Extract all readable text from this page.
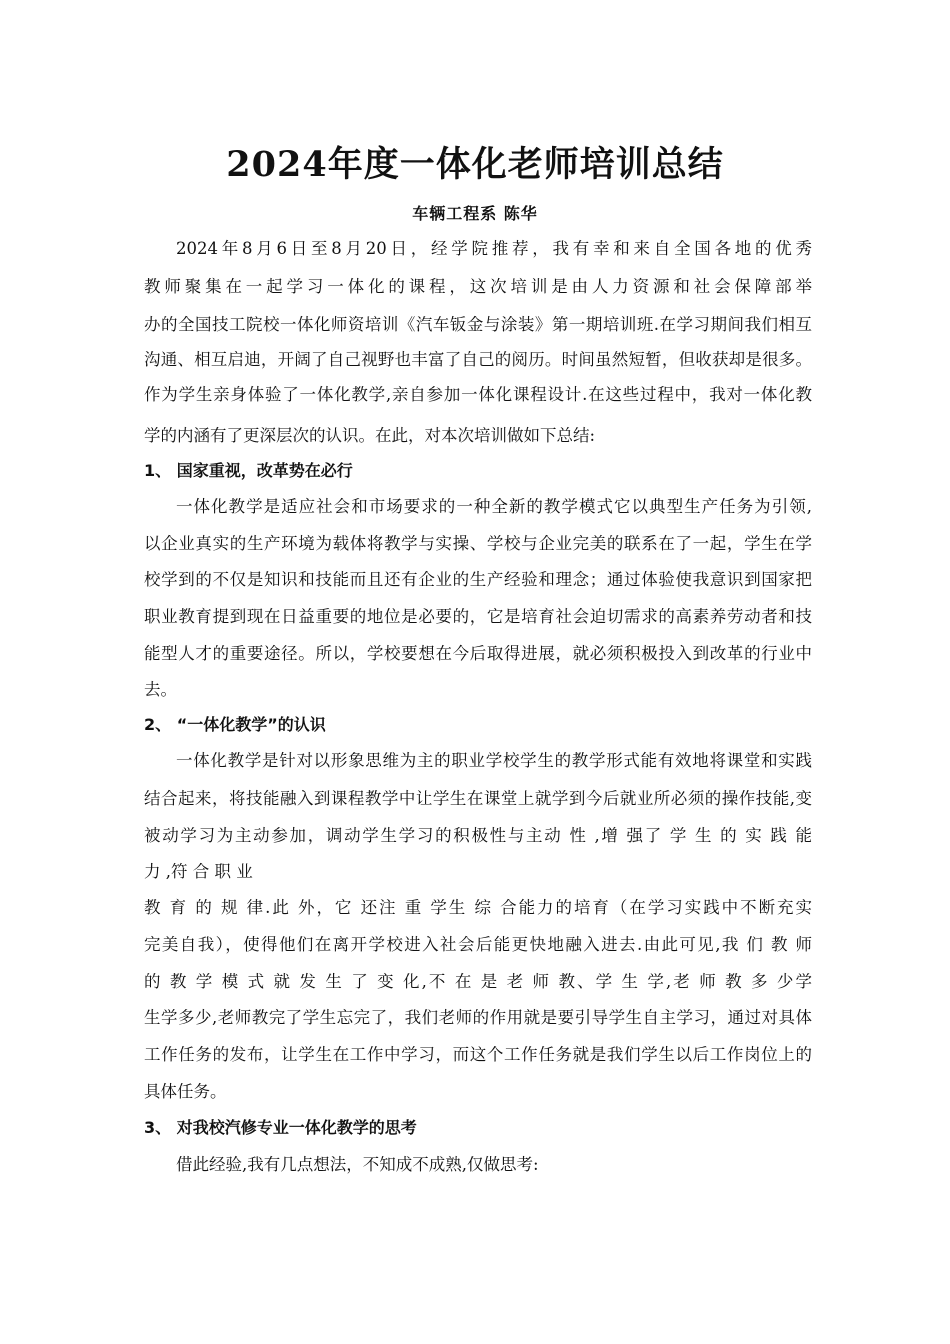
2024年度一体化老师培训总结
车辆工程系 陈华
2024年8月6日至8月20日，经学院推荐，我有幸和来自全国各地的优秀
教师聚集在一起学习一体化的课程，这次培训是由人力资源和社会保障部举
办的全国技工院校一体化师资培训《汽车钣金与涂装》第一期培训班.在学习期间我们相互
沟通、相互启迪，开阔了自己视野也丰富了自己的阅历。时间虽然短暂，但收获却是很多。
作为学生亲身体验了一体化教学,亲自参加一体化课程设计.在这些过程中，我对一体化教
学的内涵有了更深层次的认识。在此，对本次培训做如下总结:
1、 国家重视，改革势在必行
一体化教学是适应社会和市场要求的一种全新的教学模式它以典型生产任务为引领,
以企业真实的生产环境为载体将教学与实操、学校与企业完美的联系在了一起，学生在学
校学到的不仅是知识和技能而且还有企业的生产经验和理念；通过体验使我意识到国家把
职业教育提到现在日益重要的地位是必要的，它是培育社会迫切需求的高素养劳动者和技
能型人才的重要途径。所以，学校要想在今后取得进展，就必须积极投入到改革的行业中
去。
2、 “一体化教学”的认识
一体化教学是针对以形象思维为主的职业学校学生的教学形式能有效地将课堂和实践
结合起来，将技能融入到课程教学中让学生在课堂上就学到今后就业所必须的操作技能,变
被动学习为主动参加，调动学生学习的积极性与主动 性 ,增 强了 学 生 的 实 践 能
力 ,符 合 职 业
教 育 的 规 律.此 外，它 还注 重 学生 综 合能力的培育（在学习实践中不断充实
完美自我），使得他们在离开学校进入社会后能更快地融入进去.由此可见,我 们 教 师
的 教 学 模 式 就 发 生 了 变 化,不 在 是 老 师 教、学 生 学,老 师 教 多 少学
生学多少,老师教完了学生忘完了，我们老师的作用就是要引导学生自主学习，通过对具体
工作任务的发布，让学生在工作中学习，而这个工作任务就是我们学生以后工作岗位上的
具体任务。
3、 对我校汽修专业一体化教学的思考
借此经验,我有几点想法，不知成不成熟,仅做思考:
